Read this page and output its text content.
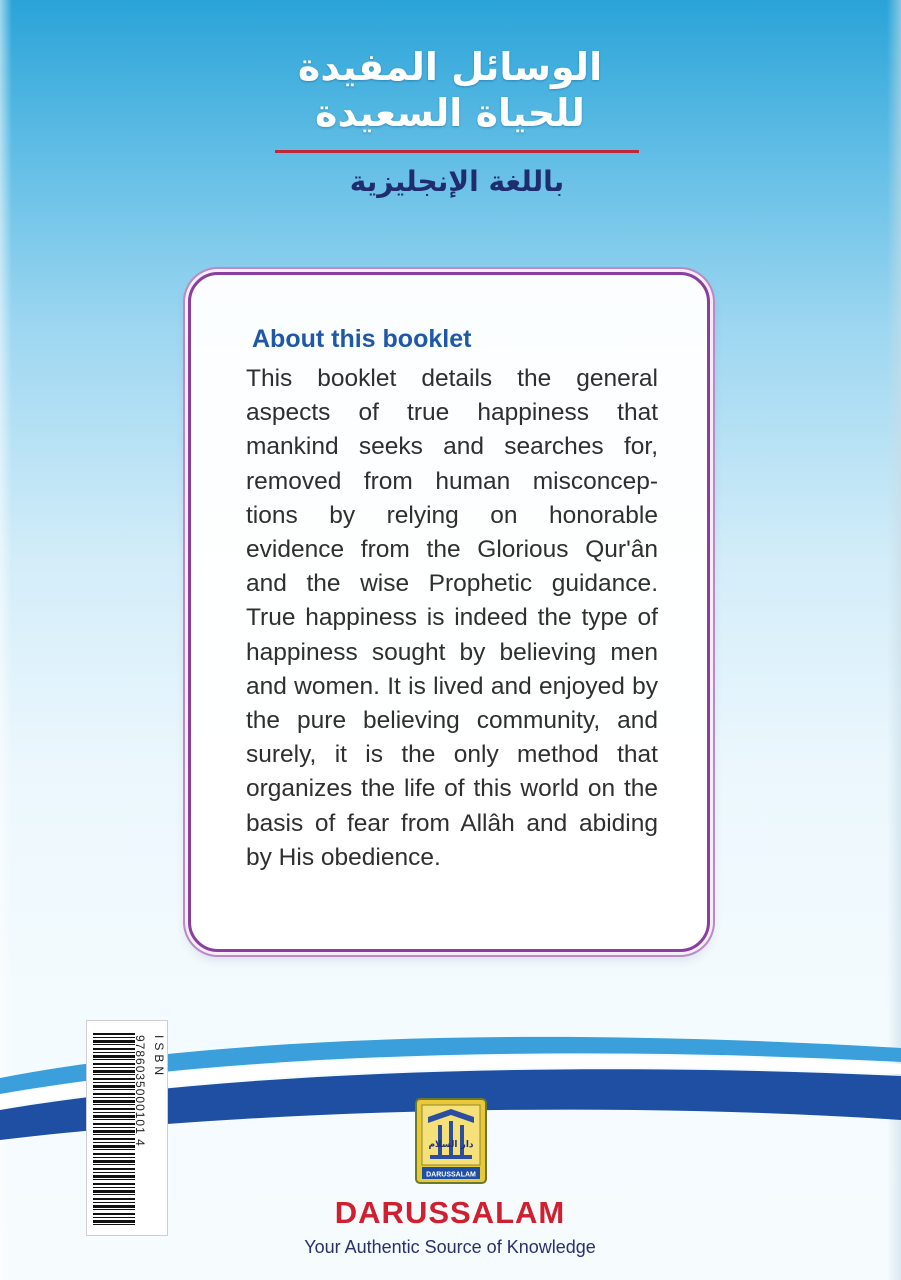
الوسائل المفيدة
للحياة السعيدة
باللغة الإنجليزية
About this booklet
This booklet details the general aspects of true happiness that mankind seeks and searches for, removed from human misconcep-tions by relying on honorable evidence from the Glorious Qur'ân and the wise Prophetic guidance. True happiness is indeed the type of happiness sought by believing men and women. It is lived and enjoyed by the pure believing community, and surely, it is the only method that organizes the life of this world on the basis of fear from Allâh and abiding by His obedience.
9786035000101 4 ISBN
DARUSSALAM
دار السلام
DARUSSALAM
Your Authentic Source of Knowledge
